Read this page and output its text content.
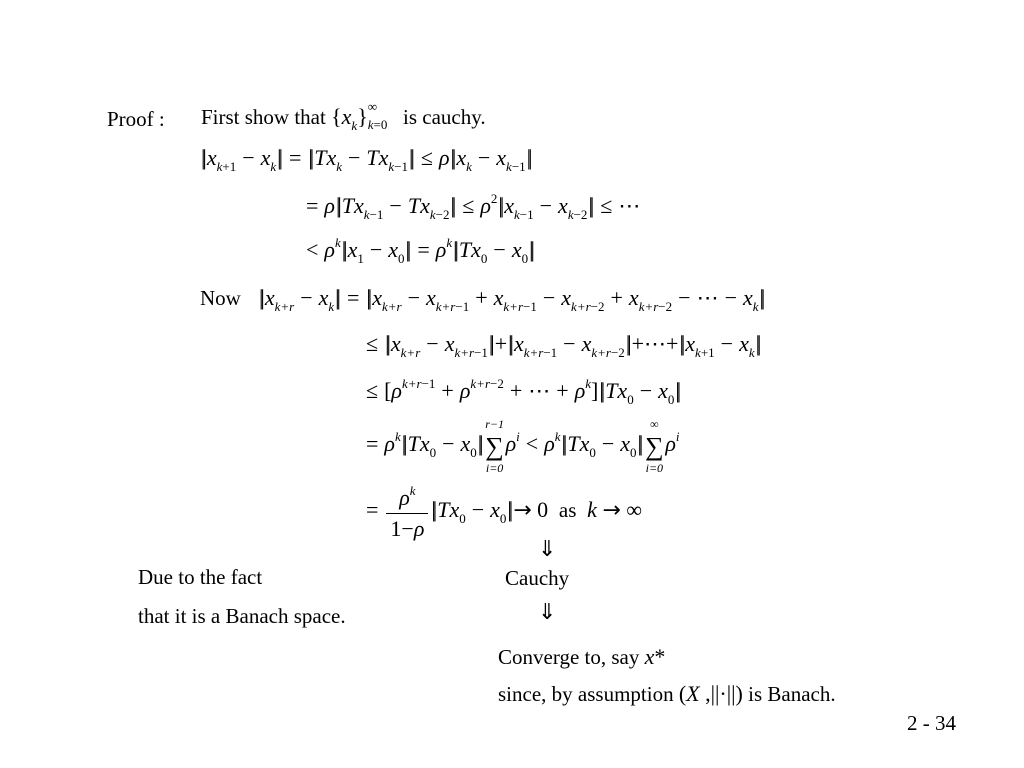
Proof : First show that $\{x_k\}$ ∞
k=0 is cauchy.
|| $x_{k+1} - x_k||$ = || $Tx_k - Tx_{k-1}|| \le \rho||$ $x_k - x_{k-1}||$
= ρ|| $Tx_{k-1} - Tx_{k-2}|| \le \rho^2||$ $x_{k-1} - x_{k-2}||$ ≤ ⋯
< $\rho^k||$ $x_1 - x_0|| = \rho^k||$ $Tx_0 - x_0||$
Now || $x_{k+r} - x_k||$ = || $x_{k+r} - x_{k+r-1} + x_{k+r-1} - x_{k+r-2} + x_{k+r-2}$ − ⋯ − $x_k||$
≤ || $x_{k+r} - x_{k+r-1}||$ +|| $x_{k+r-1} - x_{k+r-2}||$ +⋯+|| $x_{k+1} - x_k||$
≤ [$\rho^{k+r-1} + \rho^{k+r-2}$ + ⋯ + $\rho^k]||$ $Tx_0 - x_0||$
= $\rho^k||$ $Tx_0 - x_0||$
r−1
∑
i=0
$\rho^i < \rho^k||$ $Tx_0 - x_0||$
∞
∑
i=0
$\rho^i$
= $\frac{\rho^k}{1-\rho}$ || $Tx_0 - x_0|| \to 0$  as  k → ∞
⇓
Cauchy
⇓
Due to the fact
that it is a Banach space.
Converge to, say x*
since, by assumption (X ,||·||) is Banach.
2 - 34
